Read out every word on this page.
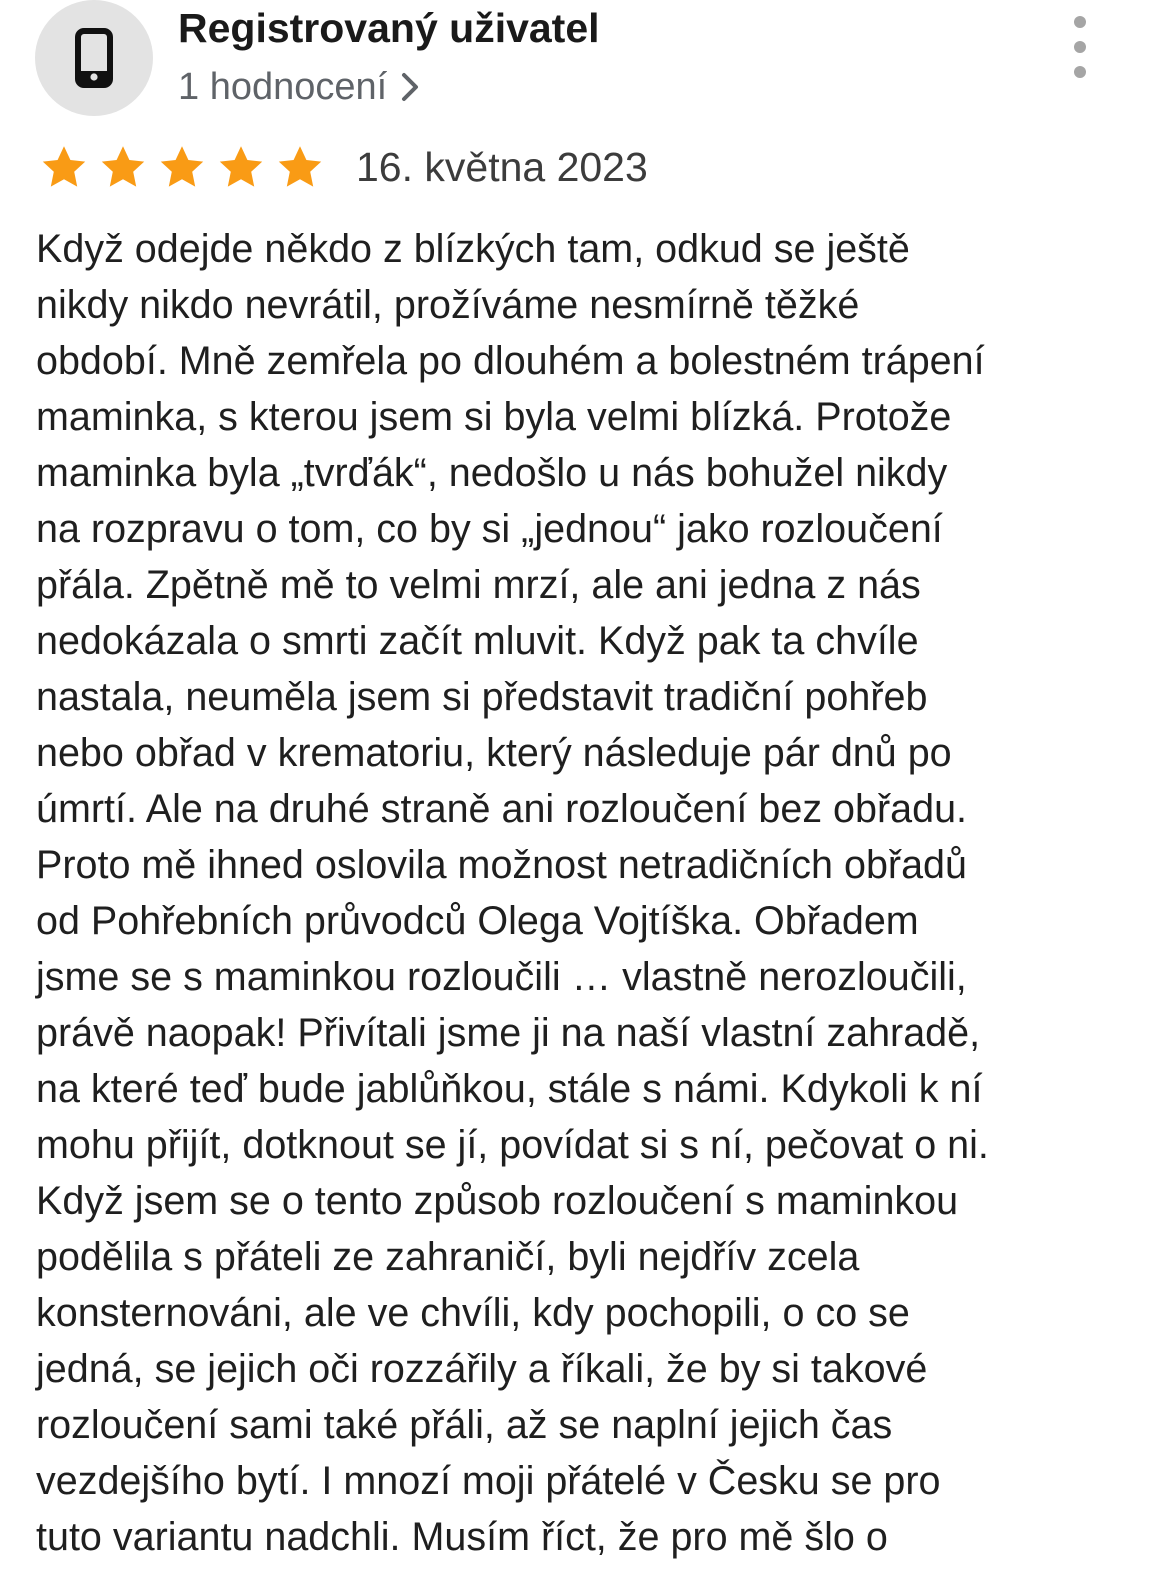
Registrovaný uživatel
1 hodnocení
16. května 2023

Když odejde někdo z blízkých tam, odkud se ještě
nikdy nikdo nevrátil, prožíváme nesmírně těžké
období. Mně zemřela po dlouhém a bolestném trápení
maminka, s kterou jsem si byla velmi blízká. Protože
maminka byla „tvrďák“, nedošlo u nás bohužel nikdy
na rozpravu o tom, co by si „jednou“ jako rozloučení
přála. Zpětně mě to velmi mrzí, ale ani jedna z nás
nedokázala o smrti začít mluvit. Když pak ta chvíle
nastala, neuměla jsem si představit tradiční pohřeb
nebo obřad v krematoriu, který následuje pár dnů po
úmrtí. Ale na druhé straně ani rozloučení bez obřadu.
Proto mě ihned oslovila možnost netradičních obřadů
od Pohřebních průvodců Olega Vojtíška. Obřadem
jsme se s maminkou rozloučili … vlastně nerozloučili,
právě naopak! Přivítali jsme ji na naší vlastní zahradě,
na které teď bude jablůňkou, stále s námi. Kdykoli k ní
mohu přijít, dotknout se jí, povídat si s ní, pečovat o ni.
Když jsem se o tento způsob rozloučení s maminkou
podělila s přáteli ze zahraničí, byli nejdřív zcela
konsternováni, ale ve chvíli, kdy pochopili, o co se
jedná, se jejich oči rozzářily a říkali, že by si takové
rozloučení sami také přáli, až se naplní jejich čas
vezdejšího bytí. I mnozí moji přátelé v Česku se pro
tuto variantu nadchli. Musím říct, že pro mě šlo o
